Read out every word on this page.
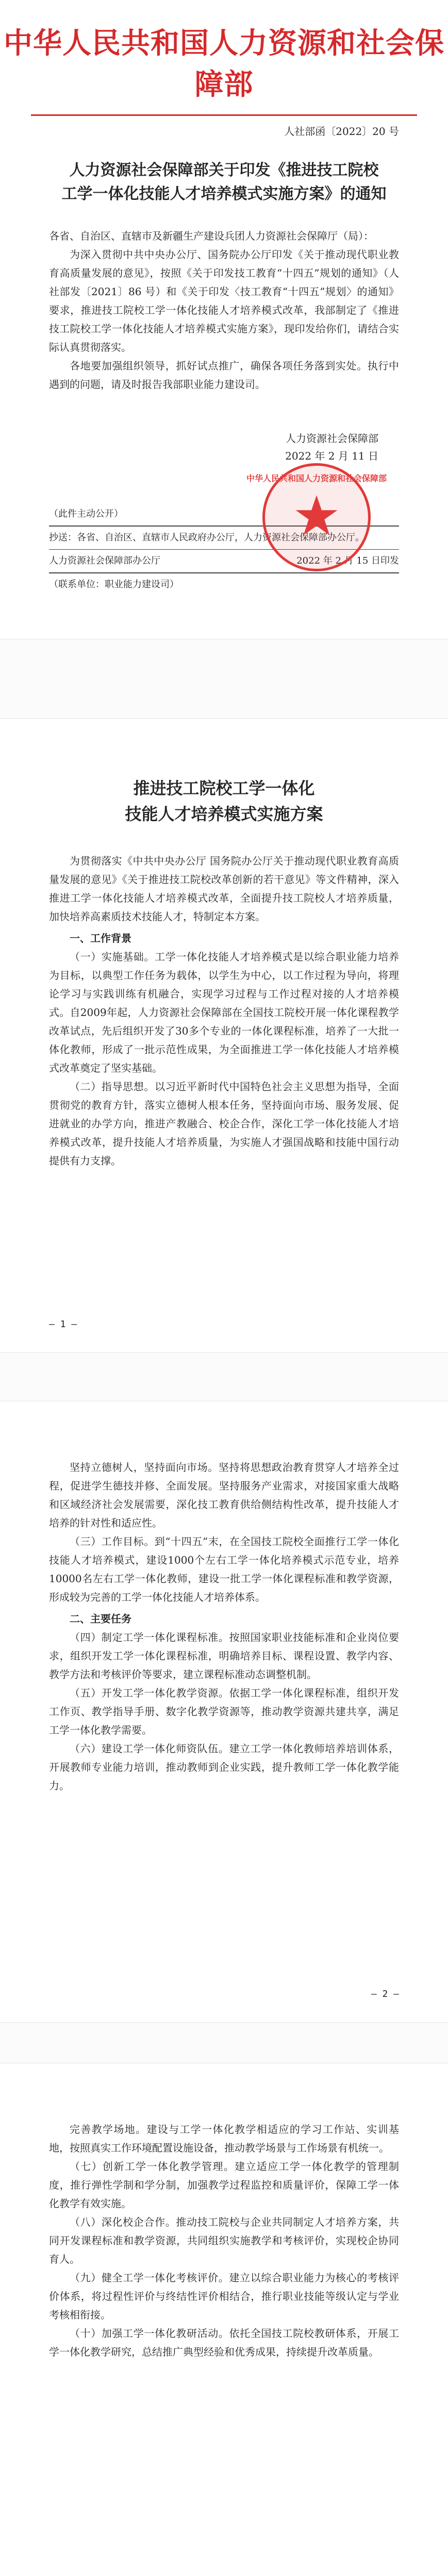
中华人民共和国人力资源和社会保障部
人社部函〔2022〕20 号
人力资源社会保障部关于印发《推进技工院校
工学一体化技能人才培养模式实施方案》的通知
各省、自治区、直辖市及新疆生产建设兵团人力资源社会保障厅（局）：

为深入贯彻中共中央办公厅、国务院办公厅印发《关于推动现代职业教育高质量发展的意见》，按照《关于印发技工教育“十四五”规划的通知》（人社部发〔2021〕86 号）和《关于印发〈技工教育“十四五”规划〉的通知》要求，推进技工院校工学一体化技能人才培养模式改革，我部制定了《推进技工院校工学一体化技能人才培养模式实施方案》，现印发给你们，请结合实际认真贯彻落实。

各地要加强组织领导，抓好试点推广，确保各项任务落到实处。执行中遇到的问题，请及时报告我部职业能力建设司。

人力资源社会保障部
2022 年 2 月 11 日
中华人民共和国人力资源和社会保障部
（此件主动公开）
抄送：各省、自治区、直辖市人民政府办公厅，人力资源社会保障部办公厅。
人力资源社会保障部办公厅	2022 年 2 月 15 日印发
（联系单位：职业能力建设司）
推进技工院校工学一体化
技能人才培养模式实施方案

为贯彻落实《中共中央办公厅 国务院办公厅关于推动现代职业教育高质量发展的意见》《关于推进技工院校改革创新的若干意见》等文件精神，深入推进工学一体化技能人才培养模式改革，全面提升技工院校人才培养质量，加快培养高素质技术技能人才，特制定本方案。

一、工作背景

（一）实施基础。工学一体化技能人才培养模式是以综合职业能力培养为目标，以典型工作任务为载体，以学生为中心，以工作过程为导向，将理论学习与实践训练有机融合，实现学习过程与工作过程对接的人才培养模式。自2009年起，人力资源社会保障部在全国技工院校开展一体化课程教学改革试点，先后组织开发了30多个专业的一体化课程标准，培养了一大批一体化教师，形成了一批示范性成果，为全面推进工学一体化技能人才培养模式改革奠定了坚实基础。

（二）指导思想。以习近平新时代中国特色社会主义思想为指导，全面贯彻党的教育方针，落实立德树人根本任务，坚持面向市场、服务发展、促进就业的办学方向，推进产教融合、校企合作，深化工学一体化技能人才培养模式改革，提升技能人才培养质量，为实施人才强国战略和技能中国行动提供有力支撑。

— 1 —

坚持立德树人，坚持面向市场。坚持将思想政治教育贯穿人才培养全过程，促进学生德技并修、全面发展。坚持服务产业需求，对接国家重大战略和区域经济社会发展需要，深化技工教育供给侧结构性改革，提升技能人才培养的针对性和适应性。

（三）工作目标。到“十四五”末，在全国技工院校全面推行工学一体化技能人才培养模式，建设1000个左右工学一体化培养模式示范专业，培养10000名左右工学一体化教师，建设一批工学一体化课程标准和教学资源，形成较为完善的工学一体化技能人才培养体系。

二、主要任务

（四）制定工学一体化课程标准。按照国家职业技能标准和企业岗位要求，组织开发工学一体化课程标准，明确培养目标、课程设置、教学内容、教学方法和考核评价等要求，建立课程标准动态调整机制。

（五）开发工学一体化教学资源。依据工学一体化课程标准，组织开发工作页、教学指导手册、数字化教学资源等，推动教学资源共建共享，满足工学一体化教学需要。

（六）建设工学一体化师资队伍。建立工学一体化教师培养培训体系，开展教师专业能力培训，推动教师到企业实践，提升教师工学一体化教学能力。

— 2 —

完善教学场地。建设与工学一体化教学相适应的学习工作站、实训基地，按照真实工作环境配置设施设备，推动教学场景与工作场景有机统一。

（七）创新工学一体化教学管理。建立适应工学一体化教学的管理制度，推行弹性学制和学分制，加强教学过程监控和质量评价，保障工学一体化教学有效实施。

（八）深化校企合作。推动技工院校与企业共同制定人才培养方案，共同开发课程标准和教学资源，共同组织实施教学和考核评价，实现校企协同育人。

（九）健全工学一体化考核评价。建立以综合职业能力为核心的考核评价体系，将过程性评价与终结性评价相结合，推行职业技能等级认定与学业考核相衔接。

（十）加强工学一体化教研活动。依托全国技工院校教研体系，开展工学一体化教学研究，总结推广典型经验和优秀成果，持续提升改革质量。
